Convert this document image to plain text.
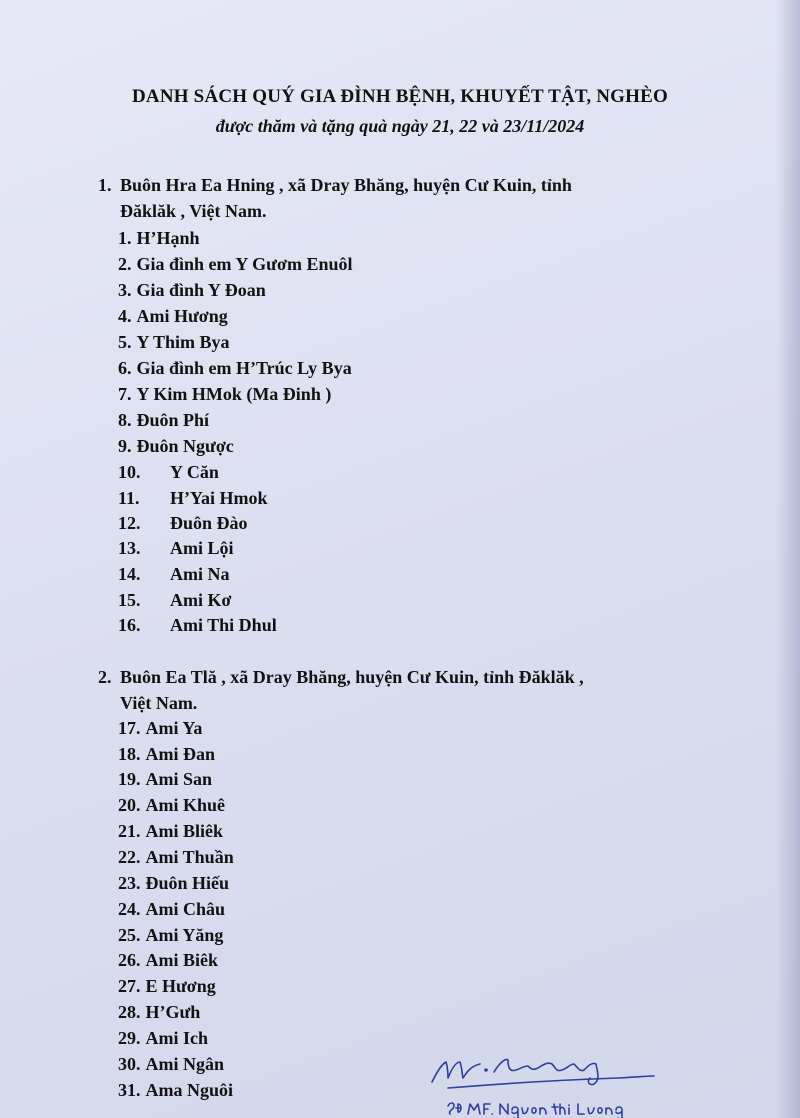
DANH SÁCH QUÝ GIA ĐÌNH BỆNH, KHUYẾT TẬT, NGHÈO
được thăm và tặng quà ngày 21, 22 và 23/11/2024
1. Buôn Hra Ea Hning , xã Dray Bhăng, huyện Cư Kuin, tỉnh
Đăklăk , Việt Nam.
1. H’Hạnh
2. Gia đình em Y Gươm Enuôl
3. Gia đình Y Đoan
4. Ami Hương
5. Y Thim Bya
6. Gia đình em H’Trúc Ly Bya
7. Y Kim HMok (Ma Đinh )
8. Đuôn Phí
9. Đuôn Ngược
10. Y Căn
11. H’Yai Hmok
12. Đuôn Đào
13. Ami Lội
14. Ami Na
15. Ami Kơ
16. Ami Thi Dhul
2. Buôn Ea Tlă , xã Dray Bhăng, huyện Cư Kuin, tỉnh Đăklăk ,
Việt Nam.
17. Ami Ya
18. Ami Đan
19. Ami San
20. Ami Khuê
21. Ami Bliêk
22. Ami Thuần
23. Đuôn Hiếu
24. Ami Châu
25. Ami Yăng
26. Ami Biêk
27. E Hương
28. H’Gưh
29. Ami Ich
30. Ami Ngân
31. Ama Nguôi
